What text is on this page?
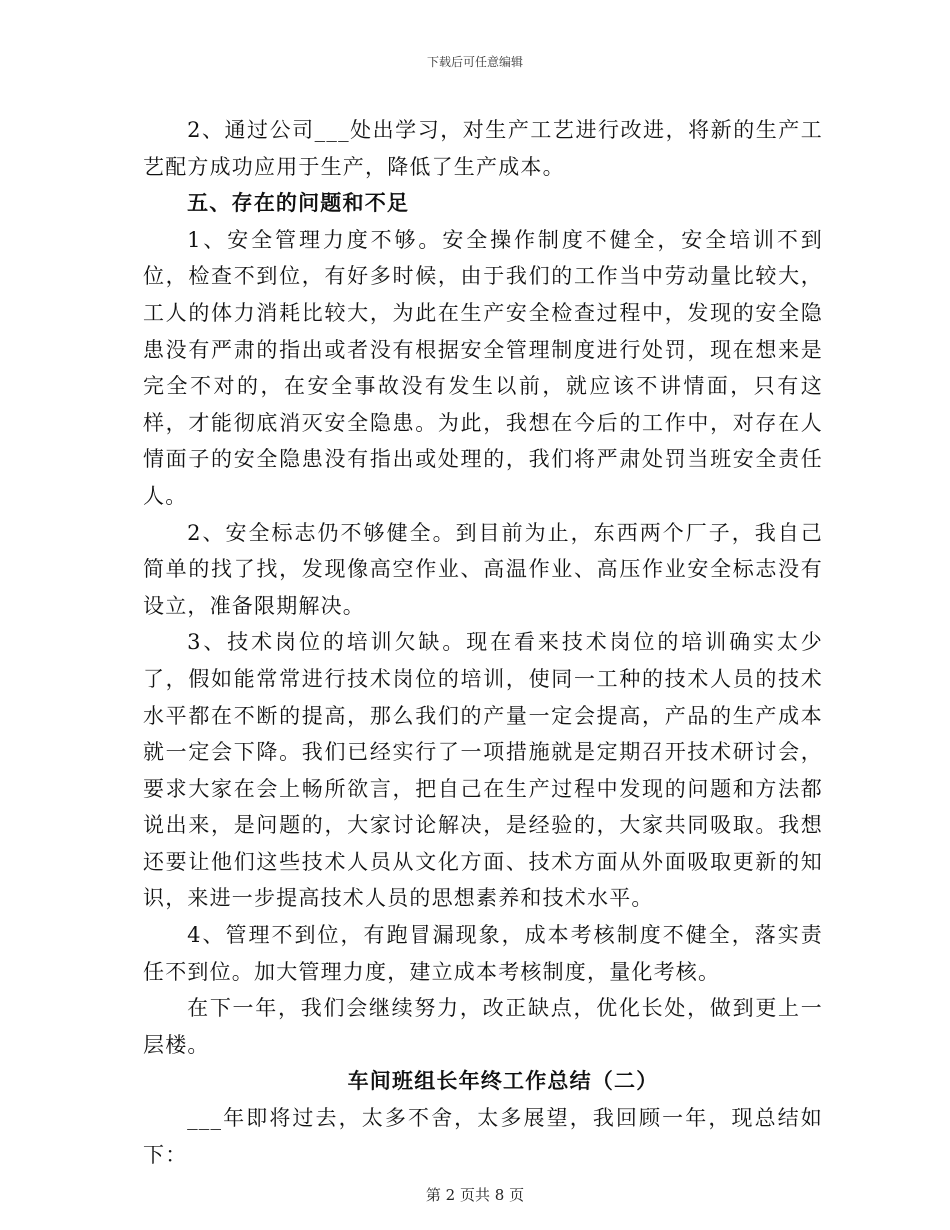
下载后可任意编辑

2、通过公司___处出学习，对生产工艺进行改进，将新的生产工艺配方成功应用于生产，降低了生产成本。

五、存在的问题和不足

1、安全管理力度不够。安全操作制度不健全，安全培训不到位，检查不到位，有好多时候，由于我们的工作当中劳动量比较大，工人的体力消耗比较大，为此在生产安全检查过程中，发现的安全隐患没有严肃的指出或者没有根据安全管理制度进行处罚，现在想来是完全不对的，在安全事故没有发生以前，就应该不讲情面，只有这样，才能彻底消灭安全隐患。为此，我想在今后的工作中，对存在人情面子的安全隐患没有指出或处理的，我们将严肃处罚当班安全责任人。

2、安全标志仍不够健全。到目前为止，东西两个厂子，我自己简单的找了找，发现像高空作业、高温作业、高压作业安全标志没有设立，准备限期解决。

3、技术岗位的培训欠缺。现在看来技术岗位的培训确实太少了，假如能常常进行技术岗位的培训，使同一工种的技术人员的技术水平都在不断的提高，那么我们的产量一定会提高，产品的生产成本就一定会下降。我们已经实行了一项措施就是定期召开技术研讨会，要求大家在会上畅所欲言，把自己在生产过程中发现的问题和方法都说出来，是问题的，大家讨论解决，是经验的，大家共同吸取。我想还要让他们这些技术人员从文化方面、技术方面从外面吸取更新的知识，来进一步提高技术人员的思想素养和技术水平。

4、管理不到位，有跑冒漏现象，成本考核制度不健全，落实责任不到位。加大管理力度，建立成本考核制度，量化考核。

在下一年，我们会继续努力，改正缺点，优化长处，做到更上一层楼。

车间班组长年终工作总结（二）

___年即将过去，太多不舍，太多展望，我回顾一年，现总结如下：

第 2 页共 8 页
